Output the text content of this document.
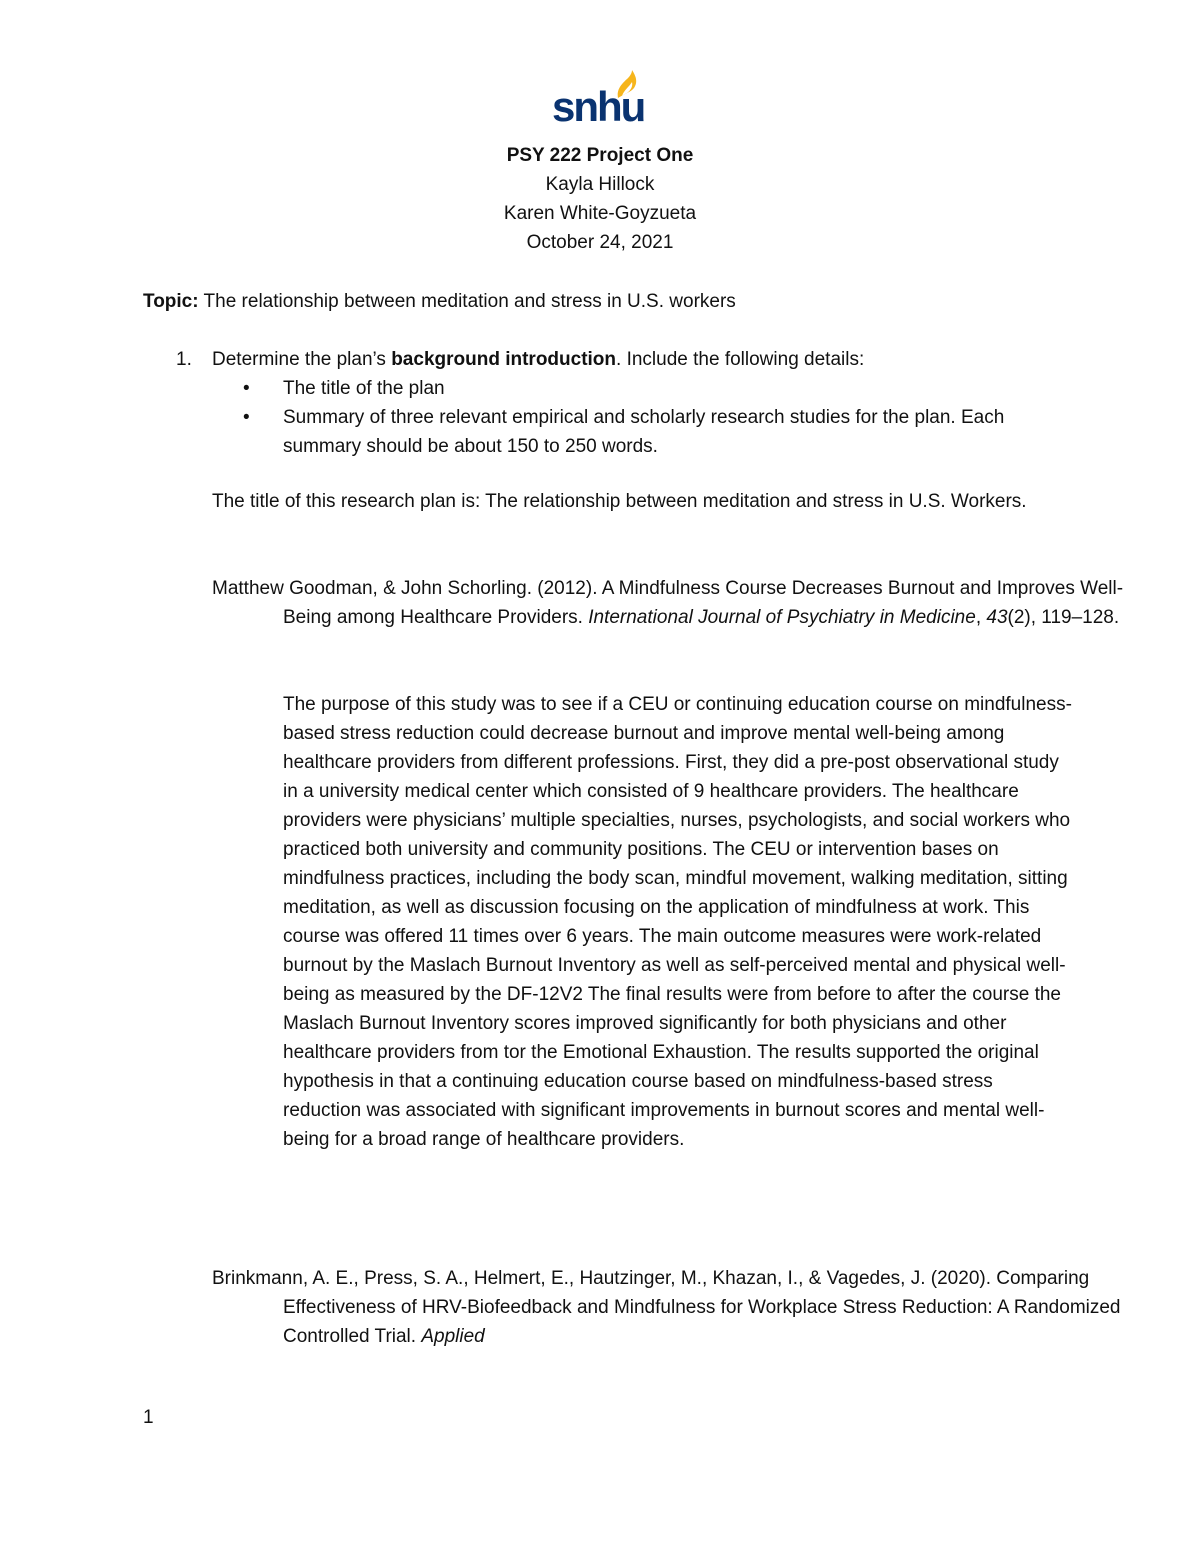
snhu
PSY 222 Project One
Kayla Hillock
Karen White-Goyzueta
October 24, 2021
Topic: The relationship between meditation and stress in U.S. workers
1. Determine the plan’s background introduction. Include the following details:
• The title of the plan
• Summary of three relevant empirical and scholarly research studies for the plan. Each summary should be about 150 to 250 words.
The title of this research plan is: The relationship between meditation and stress in U.S. Workers.
Matthew Goodman, & John Schorling. (2012). A Mindfulness Course Decreases Burnout and Improves Well-Being among Healthcare Providers. International Journal of Psychiatry in Medicine, 43(2), 119–128.
The purpose of this study was to see if a CEU or continuing education course on mindfulness-based stress reduction could decrease burnout and improve mental well-being among healthcare providers from different professions. First, they did a pre-post observational study in a university medical center which consisted of 9 healthcare providers. The healthcare providers were physicians’ multiple specialties, nurses, psychologists, and social workers who practiced both university and community positions. The CEU or intervention bases on mindfulness practices, including the body scan, mindful movement, walking meditation, sitting meditation, as well as discussion focusing on the application of mindfulness at work. This course was offered 11 times over 6 years. The main outcome measures were work-related burnout by the Maslach Burnout Inventory as well as self-perceived mental and physical well-being as measured by the DF-12V2 The final results were from before to after the course the Maslach Burnout Inventory scores improved significantly for both physicians and other healthcare providers from tor the Emotional Exhaustion. The results supported the original hypothesis in that a continuing education course based on mindfulness-based stress reduction was associated with significant improvements in burnout scores and mental well-being for a broad range of healthcare providers.
Brinkmann, A. E., Press, S. A., Helmert, E., Hautzinger, M., Khazan, I., & Vagedes, J. (2020). Comparing Effectiveness of HRV-Biofeedback and Mindfulness for Workplace Stress Reduction: A Randomized Controlled Trial. Applied
1
